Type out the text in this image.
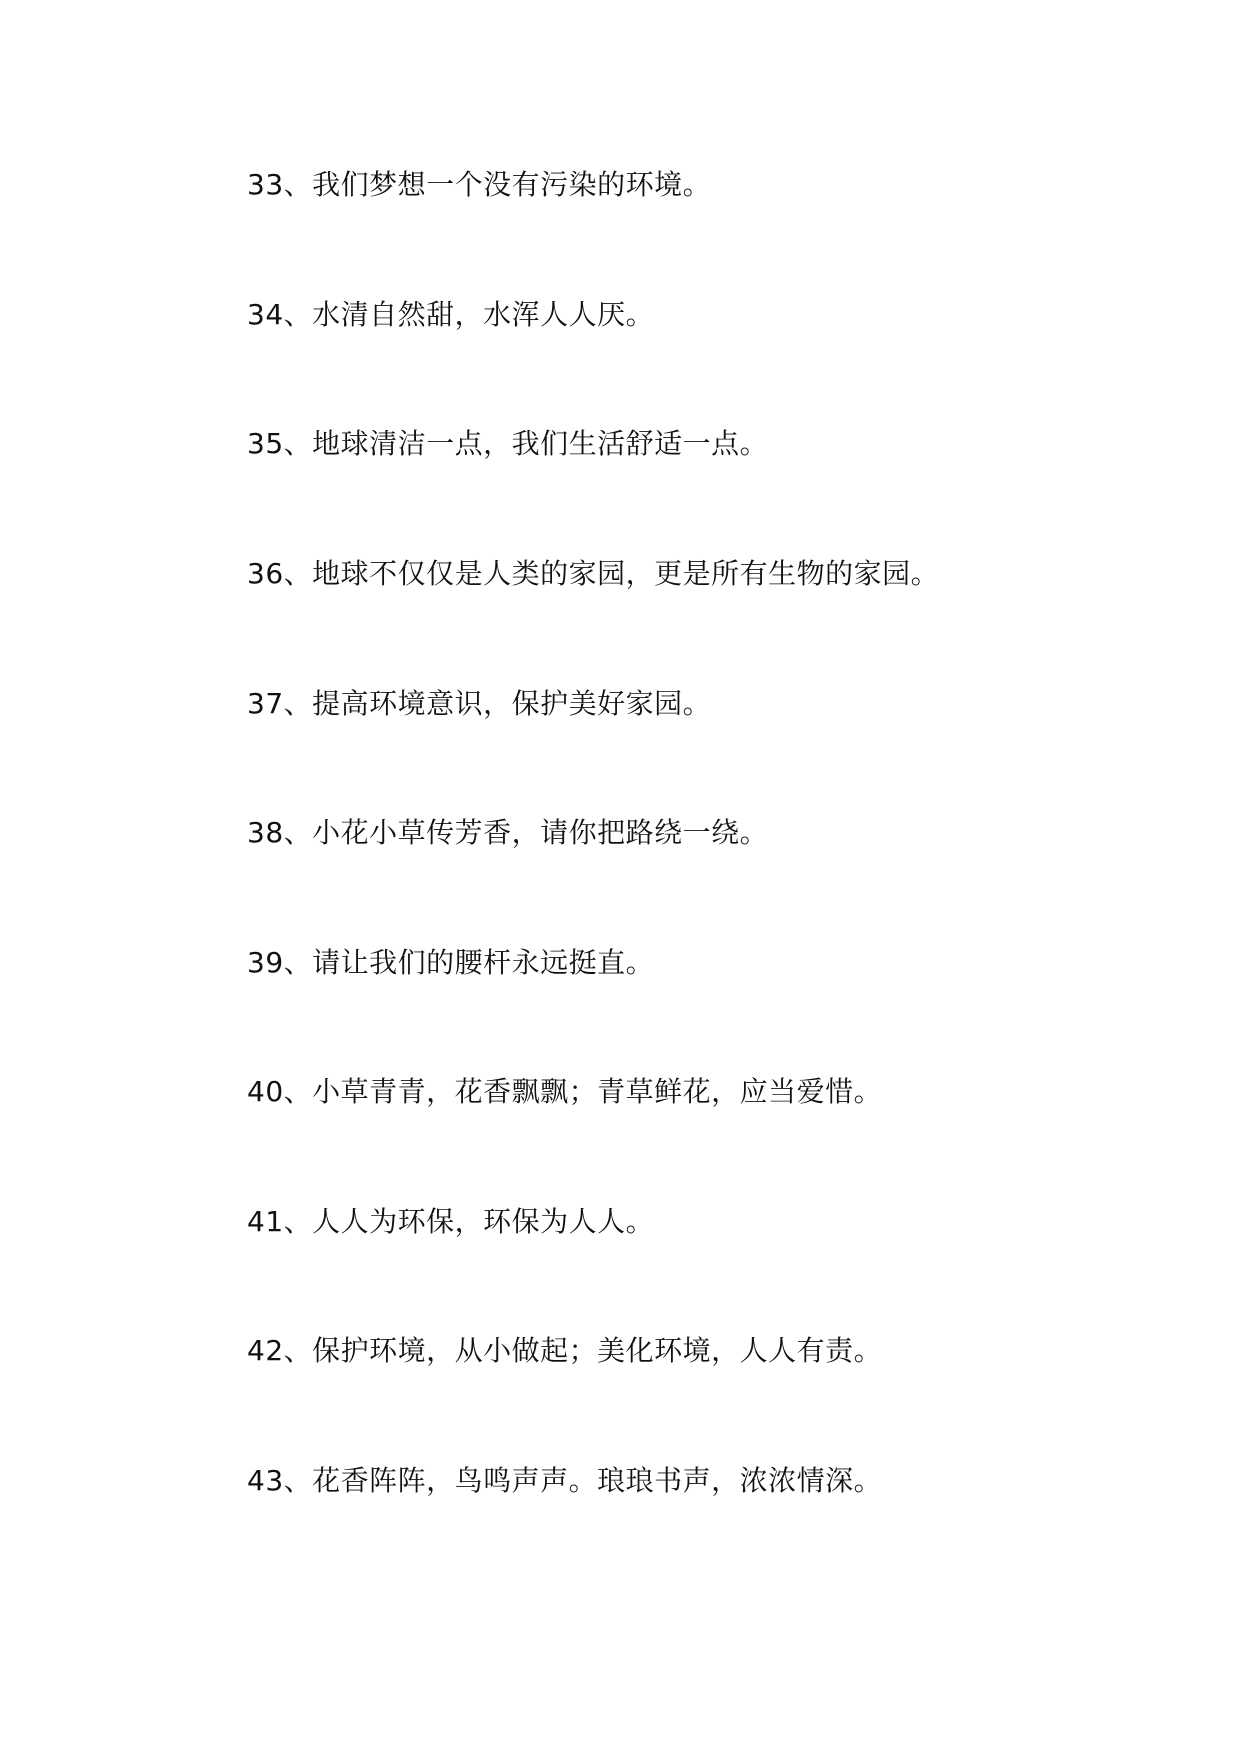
33、我们梦想一个没有污染的环境。
34、水清自然甜，水浑人人厌。
35、地球清洁一点，我们生活舒适一点。
36、地球不仅仅是人类的家园，更是所有生物的家园。
37、提高环境意识，保护美好家园。
38、小花小草传芳香，请你把路绕一绕。
39、请让我们的腰杆永远挺直。
40、小草青青，花香飘飘；青草鲜花，应当爱惜。
41、人人为环保，环保为人人。
42、保护环境，从小做起；美化环境，人人有责。
43、花香阵阵，鸟鸣声声。琅琅书声，浓浓情深。
